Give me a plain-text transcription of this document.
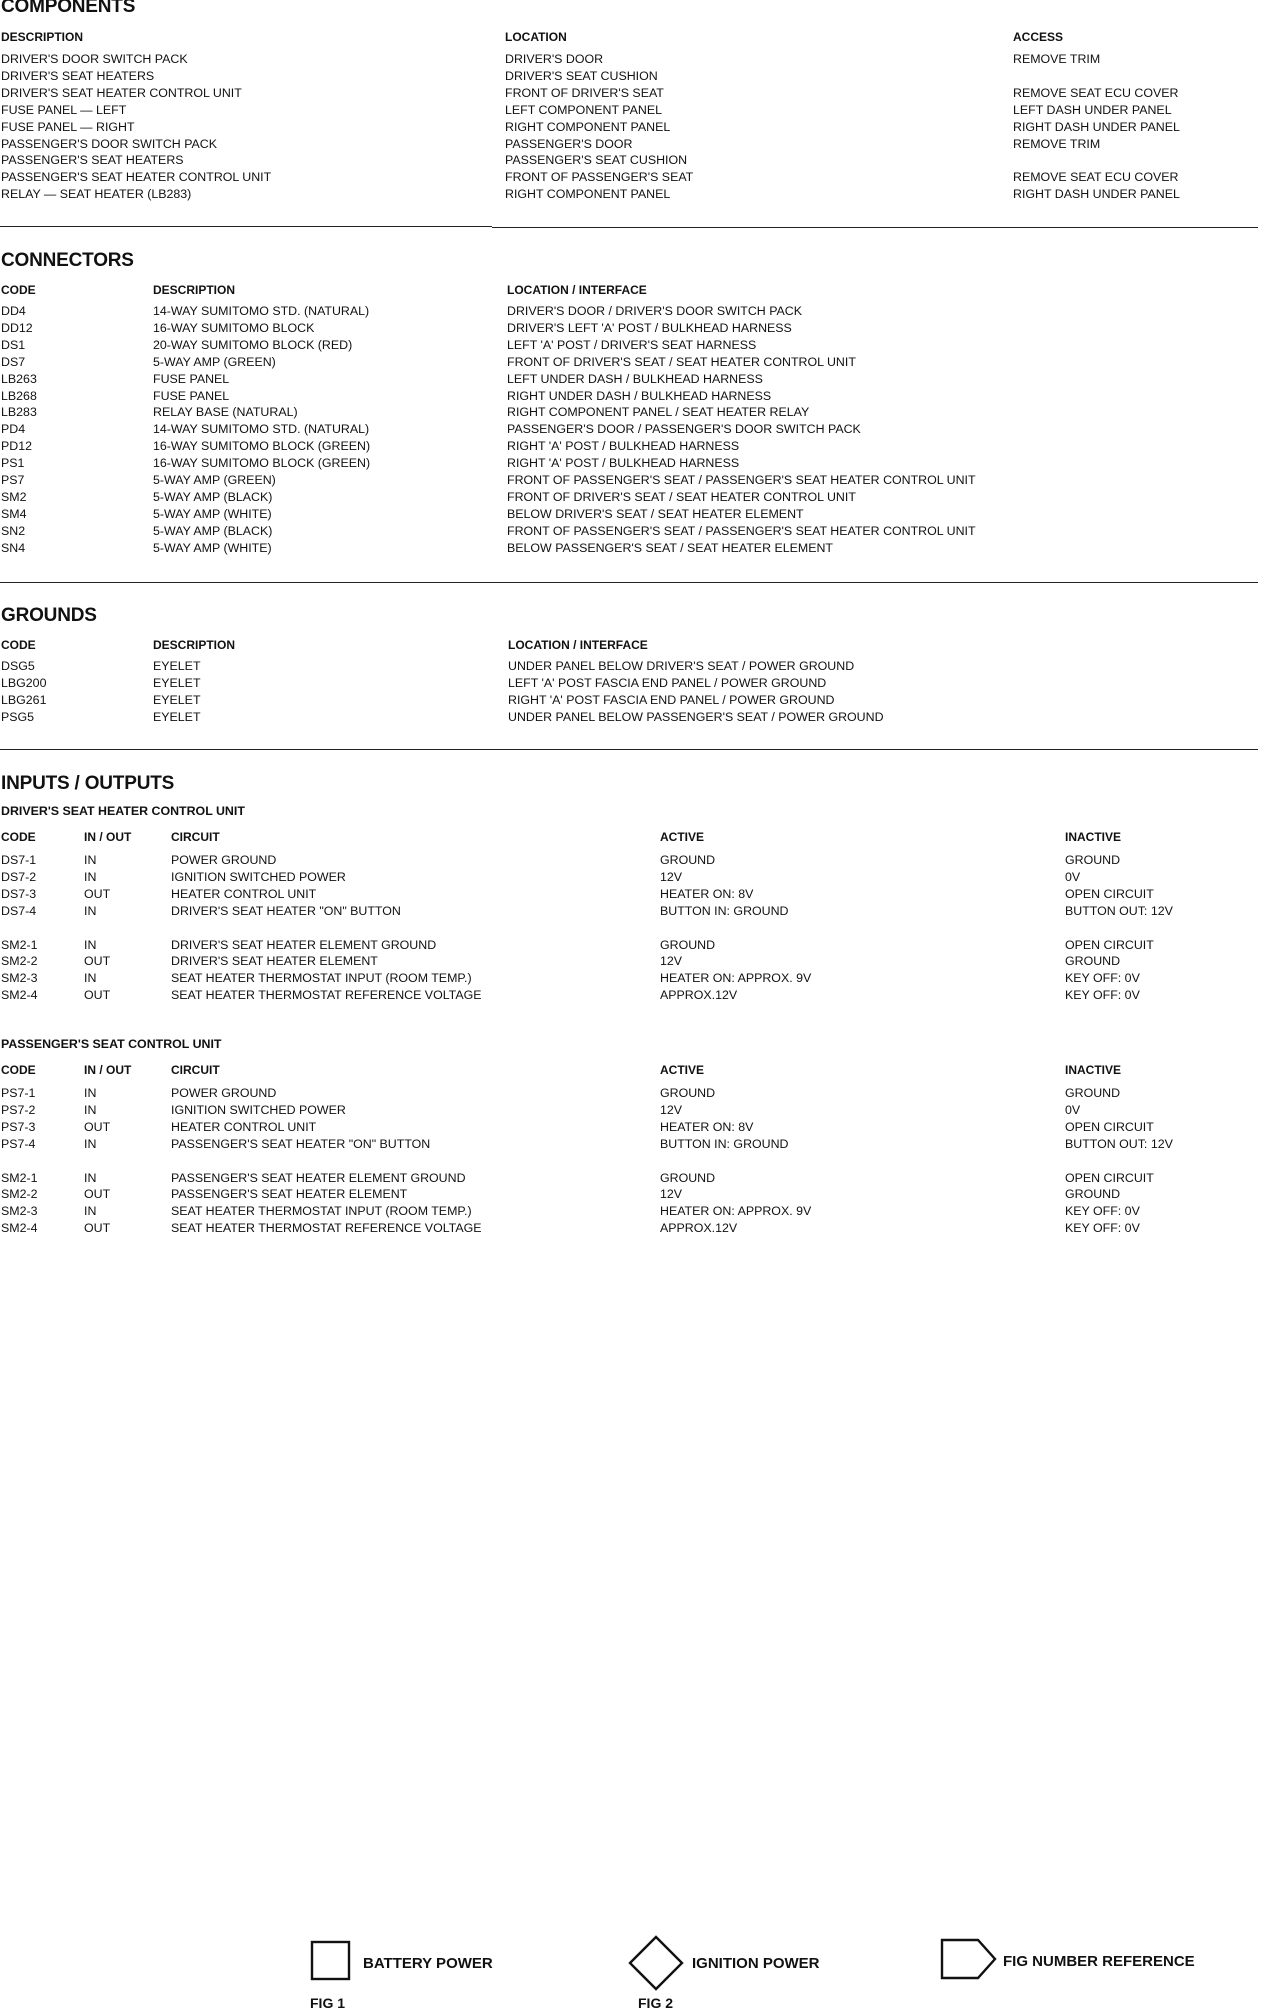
COMPONENTS
DESCRIPTION	LOCATION	ACCESS
DRIVER'S DOOR SWITCH PACK	DRIVER'S DOOR	REMOVE TRIM
DRIVER'S SEAT HEATERS	DRIVER'S SEAT CUSHION
DRIVER'S SEAT HEATER CONTROL UNIT	FRONT OF DRIVER'S SEAT	REMOVE SEAT ECU COVER
FUSE PANEL — LEFT	LEFT COMPONENT PANEL	LEFT DASH UNDER PANEL
FUSE PANEL — RIGHT	RIGHT COMPONENT PANEL	RIGHT DASH UNDER PANEL
PASSENGER'S DOOR SWITCH PACK	PASSENGER'S DOOR	REMOVE TRIM
PASSENGER'S SEAT HEATERS	PASSENGER'S SEAT CUSHION
PASSENGER'S SEAT HEATER CONTROL UNIT	FRONT OF PASSENGER'S SEAT	REMOVE SEAT ECU COVER
RELAY — SEAT HEATER (LB283)	RIGHT COMPONENT PANEL	RIGHT DASH UNDER PANEL
CONNECTORS
CODE	DESCRIPTION	LOCATION / INTERFACE
DD4	14-WAY SUMITOMO STD. (NATURAL)	DRIVER'S DOOR / DRIVER'S DOOR SWITCH PACK
DD12	16-WAY SUMITOMO BLOCK	DRIVER'S LEFT 'A' POST / BULKHEAD HARNESS
DS1	20-WAY SUMITOMO BLOCK (RED)	LEFT 'A' POST / DRIVER'S SEAT HARNESS
DS7	5-WAY AMP (GREEN)	FRONT OF DRIVER'S SEAT / SEAT HEATER CONTROL UNIT
LB263	FUSE PANEL	LEFT UNDER DASH / BULKHEAD HARNESS
LB268	FUSE PANEL	RIGHT UNDER DASH / BULKHEAD HARNESS
LB283	RELAY BASE (NATURAL)	RIGHT COMPONENT PANEL / SEAT HEATER RELAY
PD4	14-WAY SUMITOMO STD. (NATURAL)	PASSENGER'S DOOR / PASSENGER'S DOOR SWITCH PACK
PD12	16-WAY SUMITOMO BLOCK (GREEN)	RIGHT 'A' POST / BULKHEAD HARNESS
PS1	16-WAY SUMITOMO BLOCK (GREEN)	RIGHT 'A' POST / BULKHEAD HARNESS
PS7	5-WAY AMP (GREEN)	FRONT OF PASSENGER'S SEAT / PASSENGER'S SEAT HEATER CONTROL UNIT
SM2	5-WAY AMP (BLACK)	FRONT OF DRIVER'S SEAT / SEAT HEATER CONTROL UNIT
SM4	5-WAY AMP (WHITE)	BELOW DRIVER'S SEAT / SEAT HEATER ELEMENT
SN2	5-WAY AMP (BLACK)	FRONT OF PASSENGER'S SEAT / PASSENGER'S SEAT HEATER CONTROL UNIT
SN4	5-WAY AMP (WHITE)	BELOW PASSENGER'S SEAT / SEAT HEATER ELEMENT
GROUNDS
CODE	DESCRIPTION	LOCATION / INTERFACE
DSG5	EYELET	UNDER PANEL BELOW DRIVER'S SEAT / POWER GROUND
LBG200	EYELET	LEFT 'A' POST FASCIA END PANEL / POWER GROUND
LBG261	EYELET	RIGHT 'A' POST FASCIA END PANEL / POWER GROUND
PSG5	EYELET	UNDER PANEL BELOW PASSENGER'S SEAT / POWER GROUND
INPUTS / OUTPUTS
DRIVER'S SEAT HEATER CONTROL UNIT
CODE	IN / OUT	CIRCUIT	ACTIVE	INACTIVE
DS7-1	IN	POWER GROUND	GROUND	GROUND
DS7-2	IN	IGNITION SWITCHED POWER	12V	0V
DS7-3	OUT	HEATER CONTROL UNIT	HEATER ON: 8V	OPEN CIRCUIT
DS7-4	IN	DRIVER'S SEAT HEATER "ON" BUTTON	BUTTON IN: GROUND	BUTTON OUT: 12V
SM2-1	IN	DRIVER'S SEAT HEATER ELEMENT GROUND	GROUND	OPEN CIRCUIT
SM2-2	OUT	DRIVER'S SEAT HEATER ELEMENT	12V	GROUND
SM2-3	IN	SEAT HEATER THERMOSTAT INPUT (ROOM TEMP.)	HEATER ON: APPROX. 9V	KEY OFF: 0V
SM2-4	OUT	SEAT HEATER THERMOSTAT REFERENCE VOLTAGE	APPROX.12V	KEY OFF: 0V
PASSENGER'S SEAT CONTROL UNIT
CODE	IN / OUT	CIRCUIT	ACTIVE	INACTIVE
PS7-1	IN	POWER GROUND	GROUND	GROUND
PS7-2	IN	IGNITION SWITCHED POWER	12V	0V
PS7-3	OUT	HEATER CONTROL UNIT	HEATER ON: 8V	OPEN CIRCUIT
PS7-4	IN	PASSENGER'S SEAT HEATER "ON" BUTTON	BUTTON IN: GROUND	BUTTON OUT: 12V
SM2-1	IN	PASSENGER'S SEAT HEATER ELEMENT GROUND	GROUND	OPEN CIRCUIT
SM2-2	OUT	PASSENGER'S SEAT HEATER ELEMENT	12V	GROUND
SM2-3	IN	SEAT HEATER THERMOSTAT INPUT (ROOM TEMP.)	HEATER ON: APPROX. 9V	KEY OFF: 0V
SM2-4	OUT	SEAT HEATER THERMOSTAT REFERENCE VOLTAGE	APPROX.12V	KEY OFF: 0V
BATTERY POWER
FIG 1
IGNITION POWER
FIG 2
FIG NUMBER REFERENCE
